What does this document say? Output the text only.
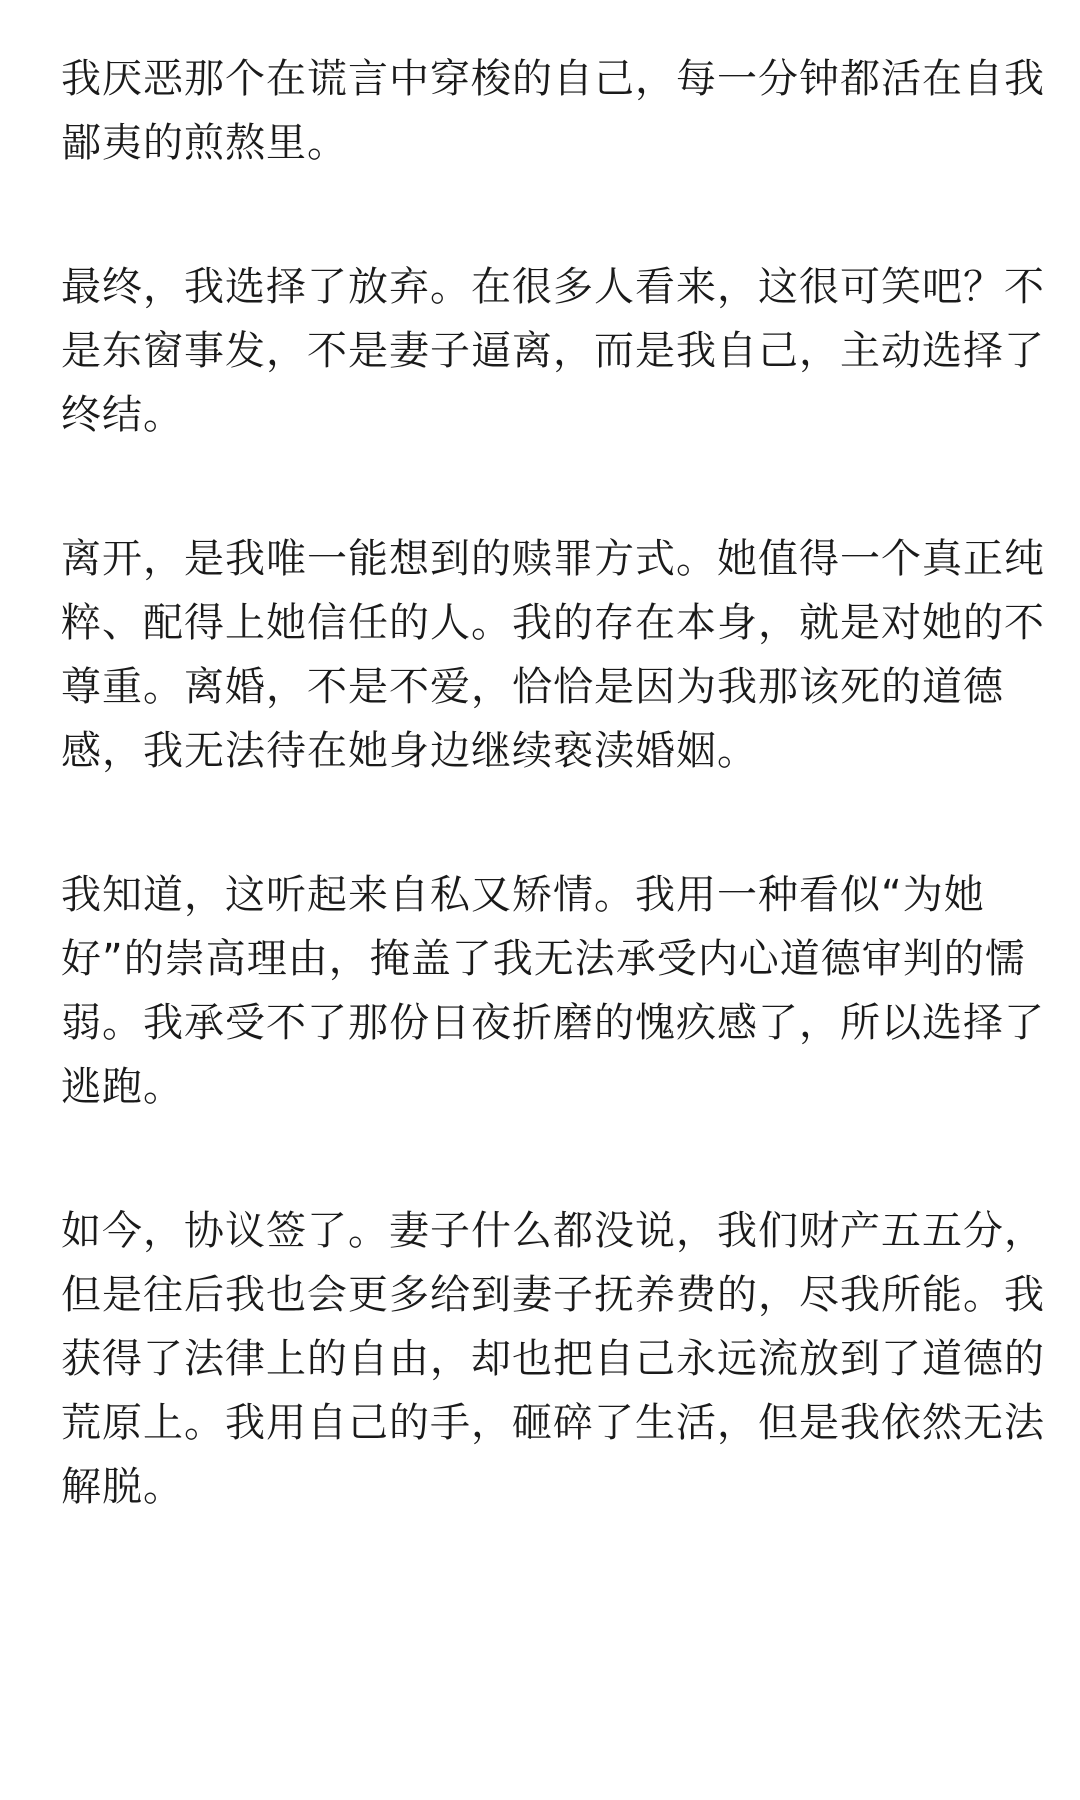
我厌恶那个在谎言中穿梭的自己，每一分钟都活在自我
鄙夷的煎熬里。
最终，我选择了放弃。在很多人看来，这很可笑吧？不
是东窗事发，不是妻子逼离，而是我自己，主动选择了
终结。
离开，是我唯一能想到的赎罪方式。她值得一个真正纯
粹、配得上她信任的人。我的存在本身，就是对她的不
尊重。离婚，不是不爱，恰恰是因为我那该死的道德
感，我无法待在她身边继续亵渎婚姻。
我知道，这听起来自私又矫情。我用一种看似“为她
好”的崇高理由，掩盖了我无法承受内心道德审判的懦
弱。我承受不了那份日夜折磨的愧疚感了，所以选择了
逃跑。
如今，协议签了。妻子什么都没说，我们财产五五分，
但是往后我也会更多给到妻子抚养费的，尽我所能。我
获得了法律上的自由，却也把自己永远流放到了道德的
荒原上。我用自己的手，砸碎了生活，但是我依然无法
解脱。
